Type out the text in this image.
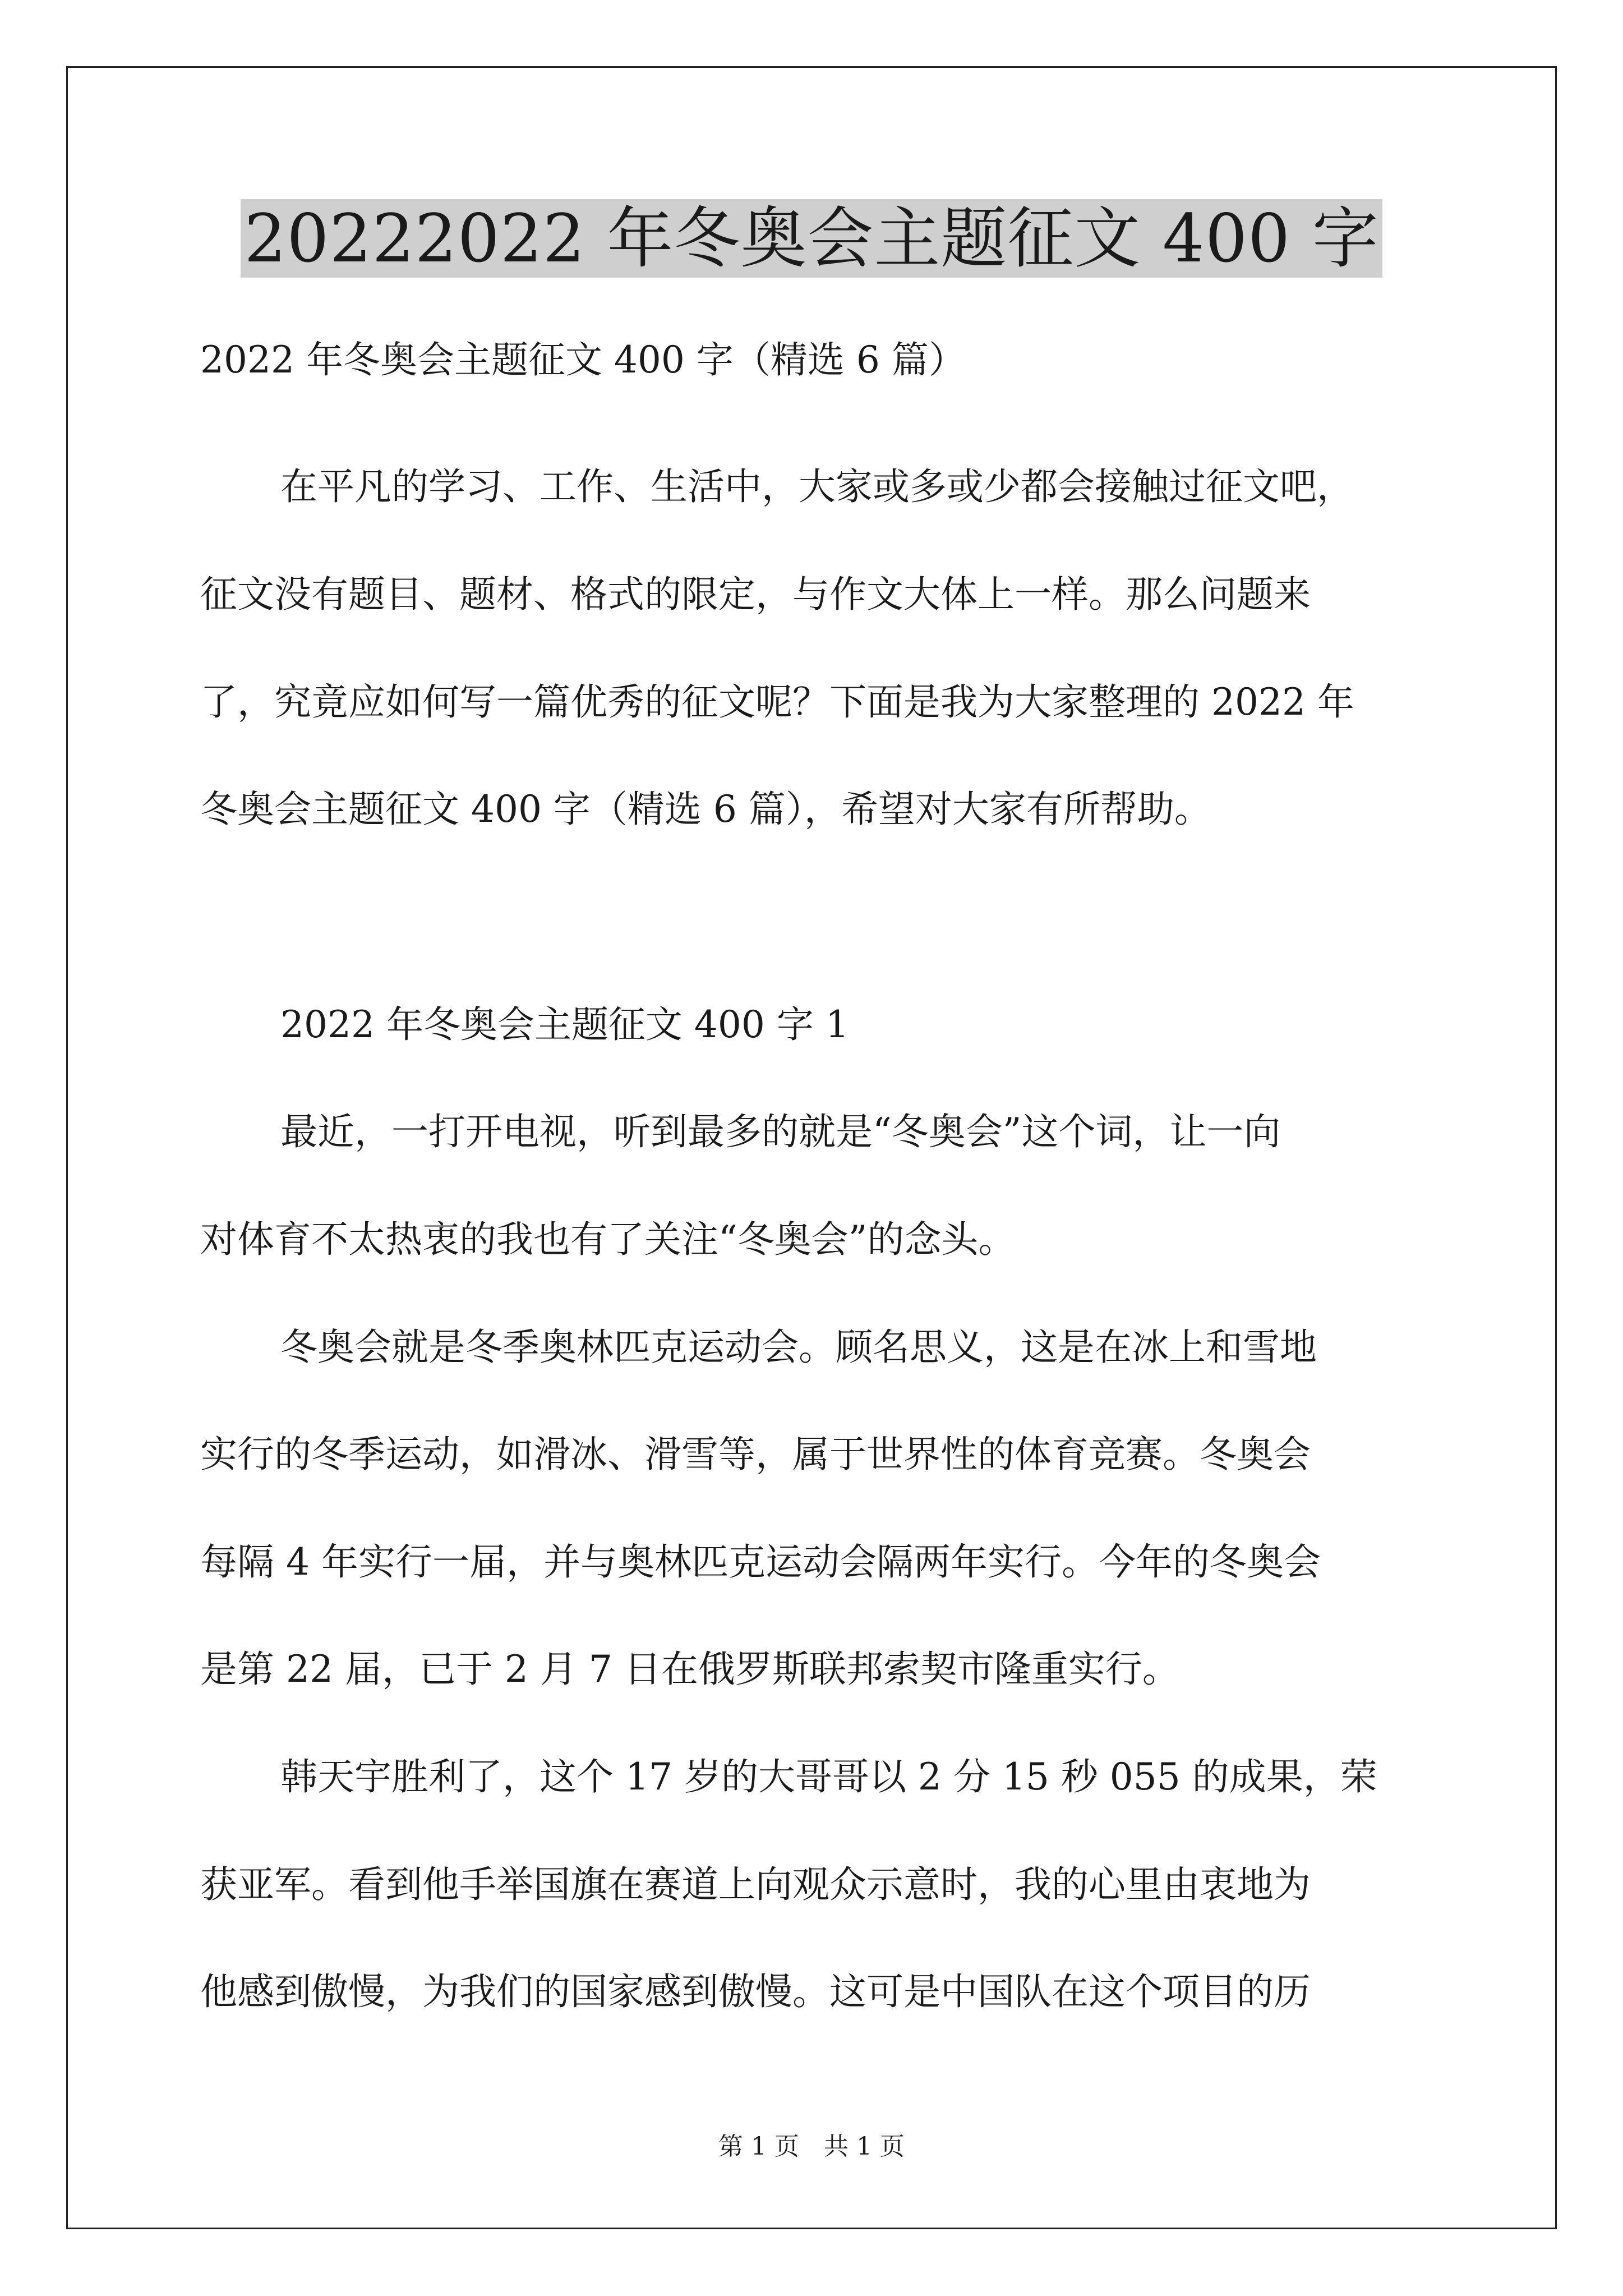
20222022 年冬奥会主题征文 400 字
2022 年冬奥会主题征文 400 字（精选 6 篇）
在平凡的学习、工作、生活中，大家或多或少都会接触过征文吧，
征文没有题目、题材、格式的限定，与作文大体上一样。那么问题来
了，究竟应如何写一篇优秀的征文呢？下面是我为大家整理的 2022 年
冬奥会主题征文 400 字（精选 6 篇），希望对大家有所帮助。
2022 年冬奥会主题征文 400 字 1
最近，一打开电视，听到最多的就是“冬奥会”这个词，让一向
对体育不太热衷的我也有了关注“冬奥会”的念头。
冬奥会就是冬季奥林匹克运动会。顾名思义，这是在冰上和雪地
实行的冬季运动，如滑冰、滑雪等，属于世界性的体育竞赛。冬奥会
每隔 4 年实行一届，并与奥林匹克运动会隔两年实行。今年的冬奥会
是第 22 届，已于 2 月 7 日在俄罗斯联邦索契市隆重实行。
韩天宇胜利了，这个 17 岁的大哥哥以 2 分 15 秒 055 的成果，荣
获亚军。看到他手举国旗在赛道上向观众示意时，我的心里由衷地为
他感到傲慢，为我们的国家感到傲慢。这可是中国队在这个项目的历
第 1 页　共 1 页
